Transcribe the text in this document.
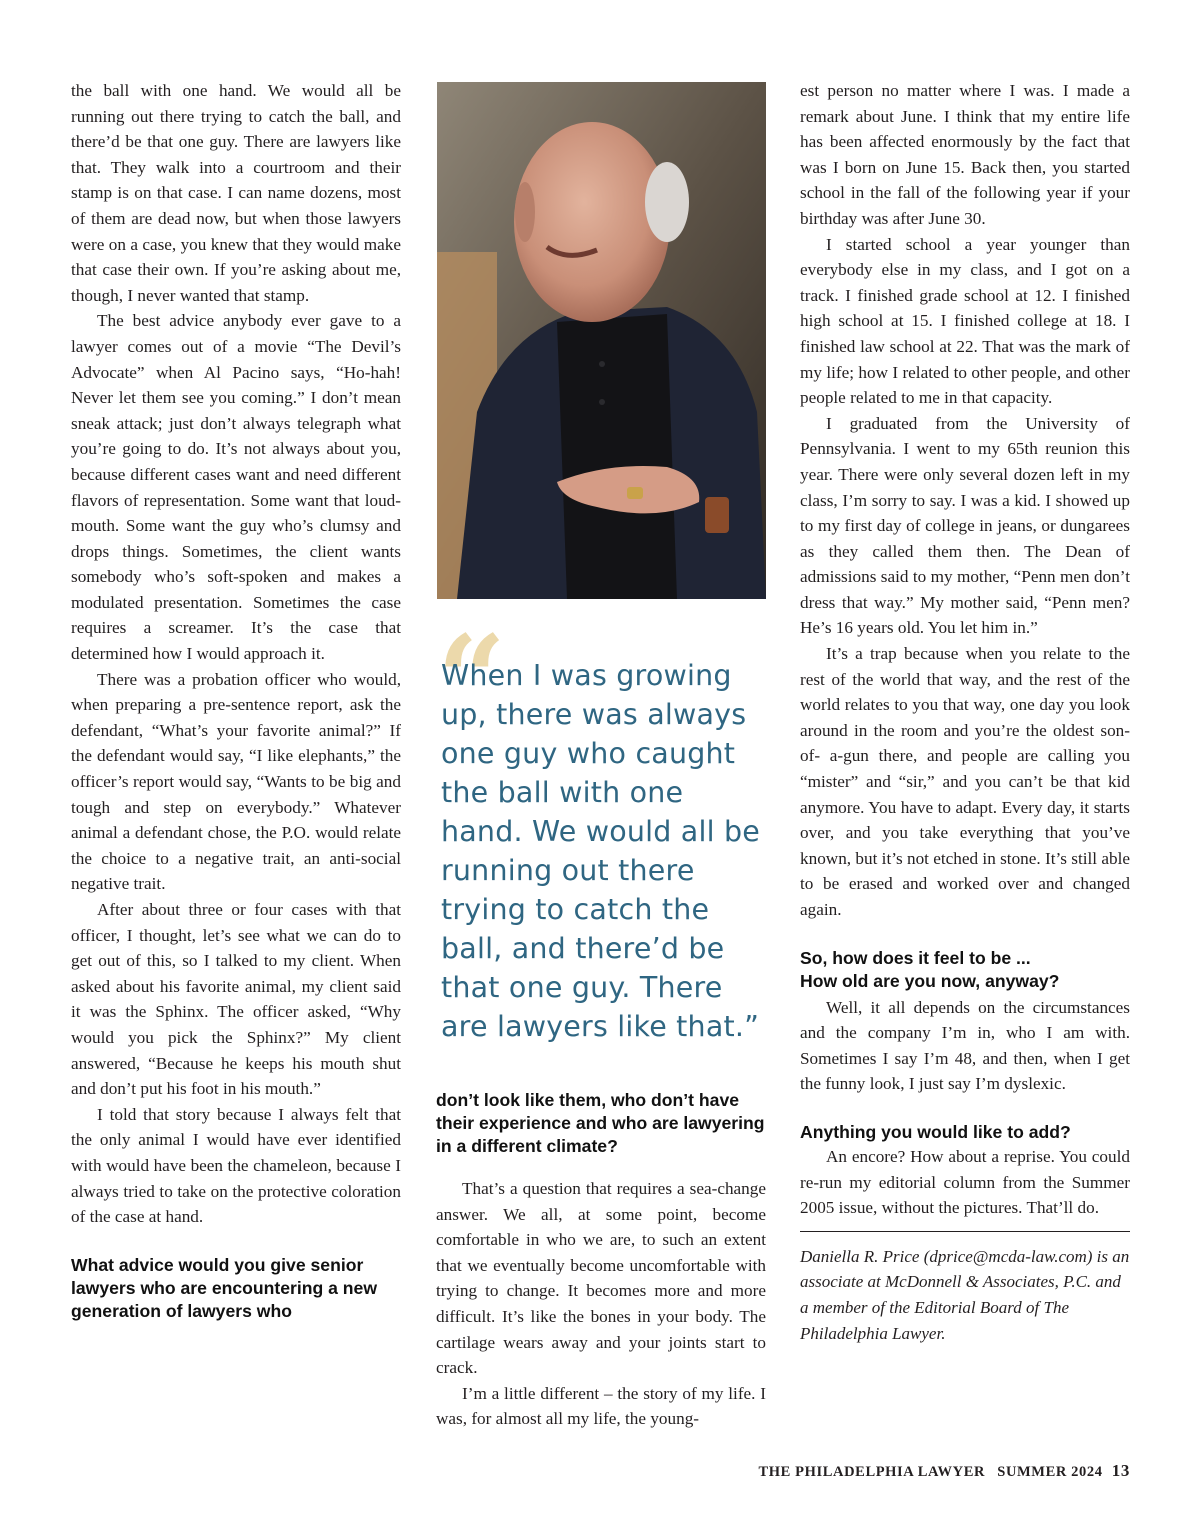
the ball with one hand. We would all be running out there trying to catch the ball, and there’d be that one guy. There are lawyers like that. They walk into a courtroom and their stamp is on that case. I can name dozens, most of them are dead now, but when those lawyers were on a case, you knew that they would make that case their own. If you’re asking about me, though, I never wanted that stamp.

The best advice anybody ever gave to a lawyer comes out of a movie “The Devil’s Advocate” when Al Pacino says, “Ho-hah! Never let them see you coming.” I don’t mean sneak attack; just don’t always telegraph what you’re going to do. It’s not always about you, because different cases want and need different flavors of representation. Some want that loud- mouth. Some want the guy who’s clumsy and drops things. Sometimes, the client wants somebody who’s soft-spoken and makes a modulated presentation. Sometimes the case requires a screamer. It’s the case that determined how I would approach it.

There was a probation officer who would, when preparing a pre-sentence report, ask the defendant, “What’s your favorite animal?” If the defendant would say, “I like elephants,” the officer’s report would say, “Wants to be big and tough and step on everybody.” Whatever animal a defendant chose, the P.O. would relate the choice to a negative trait, an anti-social negative trait.

After about three or four cases with that officer, I thought, let’s see what we can do to get out of this, so I talked to my client. When asked about his favorite animal, my client said it was the Sphinx. The officer asked, “Why would you pick the Sphinx?” My client answered, “Because he keeps his mouth shut and don’t put his foot in his mouth.”

I told that story because I always felt that the only animal I would have ever identified with would have been the chameleon, because I always tried to take on the protective coloration of the case at hand.

What advice would you give senior lawyers who are encountering a new generation of lawyers who
“
When I was growing up, there was always one guy who caught the ball with one hand. We would all be running out there trying to catch the ball, and there’d be that one guy. There are lawyers like that.”
don’t look like them, who don’t have their experience and who are lawyering in a different climate?

That’s a question that requires a sea-change answer. We all, at some point, become comfortable in who we are, to such an extent that we eventually become uncomfortable with trying to change. It becomes more and more difficult. It’s like the bones in your body. The cartilage wears away and your joints start to crack.

I’m a little different – the story of my life. I was, for almost all my life, the young-

est person no matter where I was. I made a remark about June. I think that my entire life has been affected enormously by the fact that was I born on June 15. Back then, you started school in the fall of the following year if your birthday was after June 30.

I started school a year younger than everybody else in my class, and I got on a track. I finished grade school at 12. I finished high school at 15. I finished college at 18. I finished law school at 22. That was the mark of my life; how I related to other people, and other people related to me in that capacity.

I graduated from the University of Pennsylvania. I went to my 65th reunion this year. There were only several dozen left in my class, I’m sorry to say. I was a kid. I showed up to my first day of college in jeans, or dungarees as they called them then. The Dean of admissions said to my mother, “Penn men don’t dress that way.” My mother said, “Penn men? He’s 16 years old. You let him in.”

It’s a trap because when you relate to the rest of the world that way, and the rest of the world relates to you that way, one day you look around in the room and you’re the oldest son-of- a-gun there, and people are calling you “mister” and “sir,” and you can’t be that kid anymore. You have to adapt. Every day, it starts over, and you take everything that you’ve known, but it’s not etched in stone. It’s still able to be erased and worked over and changed again.

So, how does it feel to be ...
How old are you now, anyway?

Well, it all depends on the circumstances and the company I’m in, who I am with. Sometimes I say I’m 48, and then, when I get the funny look, I just say I’m dyslexic.

Anything you would like to add?

An encore? How about a reprise. You could re-run my editorial column from the Summer 2005 issue, without the pictures. That’ll do.

Daniella R. Price (dprice@mcda-law.com) is an associate at McDonnell & Associates, P.C. and a member of the Editorial Board of The Philadelphia Lawyer.
THE PHILADELPHIA LAWYER SUMMER 2024 13
